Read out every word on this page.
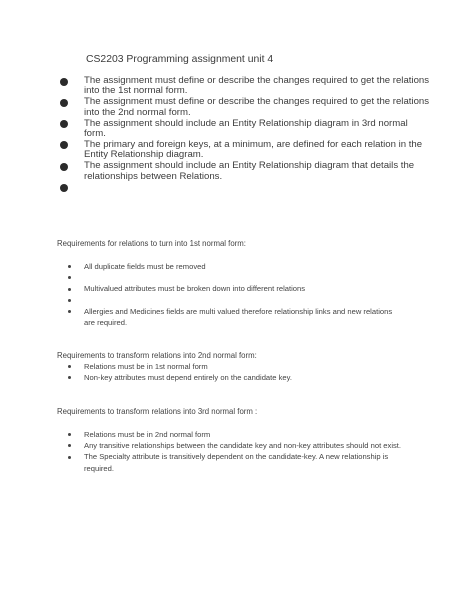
CS2203 Programming assignment unit 4
The assignment must define or describe the changes required to get the relations into the 1st normal form.
The assignment must define or describe the changes required to get the relations into the 2nd normal form.
The assignment should include an Entity Relationship diagram in 3rd normal form.
The primary and foreign keys, at a minimum, are defined for each relation in the Entity Relationship diagram.
The assignment should include an Entity Relationship diagram that details the relationships between Relations.
Requirements for relations to turn into 1st normal form:
All duplicate fields must be removed
Multivalued attributes must be broken down into different relations
Allergies and Medicines fields are multi valued therefore relationship links and new relations are required.
Requirements to transform relations into 2nd normal form:
Relations must be in 1st normal form
Non-key attributes must depend entirely on the candidate key.
Requirements to transform relations into 3rd normal form :
Relations must be in 2nd normal form
Any transitive relationships between the candidate key and non-key attributes should not exist.
The Specialty attribute is transitively dependent on the candidate-key. A new relationship is required.
